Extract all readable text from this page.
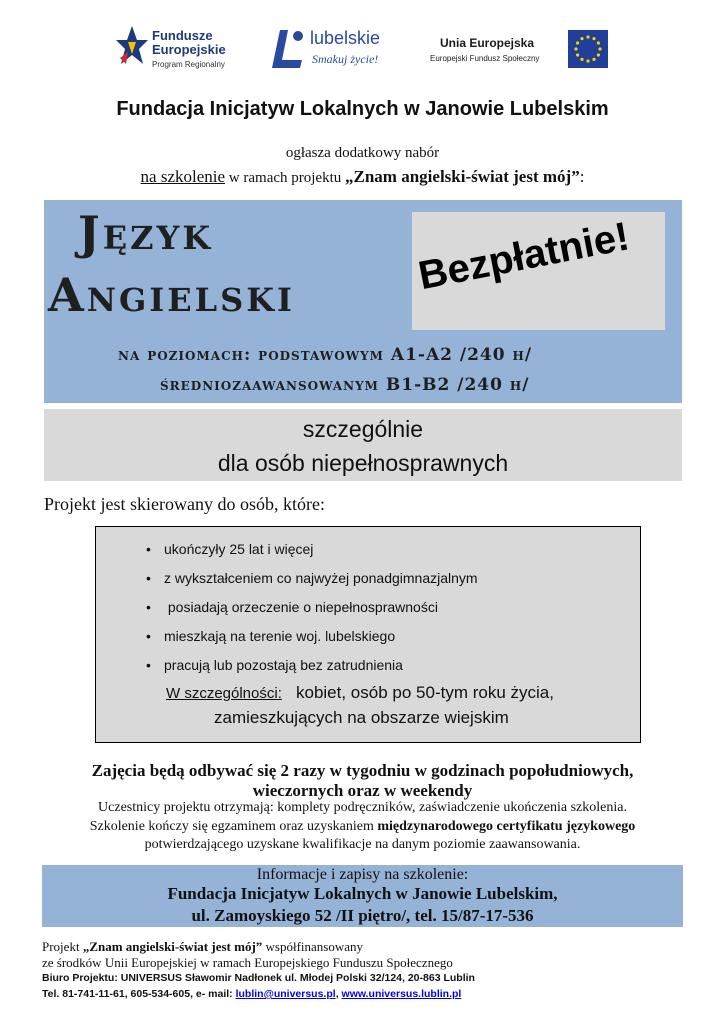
Fundusze
Europejskie
Program Regionalny
lubelskie
Smakuj życie!
Unia Europejska
Europejski Fundusz Społeczny
Fundacja Inicjatyw Lokalnych w Janowie Lubelskim
ogłasza dodatkowy nabór
na szkolenie w ramach projektu „Znam angielski-świat jest mój”:
Język
Angielski	Bezpłatnie!
na poziomach: podstawowym A1-A2 /240 h/
średniozaawansowanym B1-B2 /240 h/
szczególnie
dla osób niepełnosprawnych
Projekt jest skierowany do osób, które:
• ukończyły 25 lat i więcej
• z wykształceniem co najwyżej ponadgimnazjalnym
• posiadają orzeczenie o niepełnosprawności
• mieszkają na terenie woj. lubelskiego
• pracują lub pozostają bez zatrudnienia
W szczególności: kobiet, osób po 50-tym roku życia,
zamieszkujących na obszarze wiejskim
Zajęcia będą odbywać się 2 razy w tygodniu w godzinach popołudniowych,
wieczornych oraz w weekendy
Uczestnicy projektu otrzymają: komplety podręczników, zaświadczenie ukończenia szkolenia.
Szkolenie kończy się egzaminem oraz uzyskaniem międzynarodowego certyfikatu językowego
potwierdzającego uzyskane kwalifikacje na danym poziomie zaawansowania.
Informacje i zapisy na szkolenie:
Fundacja Inicjatyw Lokalnych w Janowie Lubelskim,
ul. Zamoyskiego 52 /II piętro/, tel. 15/87-17-536
Projekt „Znam angielski-świat jest mój” współfinansowany
ze środków Unii Europejskiej w ramach Europejskiego Funduszu Społecznego
Biuro Projektu: UNIVERSUS Sławomir Nadłonek ul. Młodej Polski 32/124, 20-863 Lublin
Tel. 81-741-11-61, 605-534-605, e- mail: lublin@universus.pl, www.universus.lublin.pl
